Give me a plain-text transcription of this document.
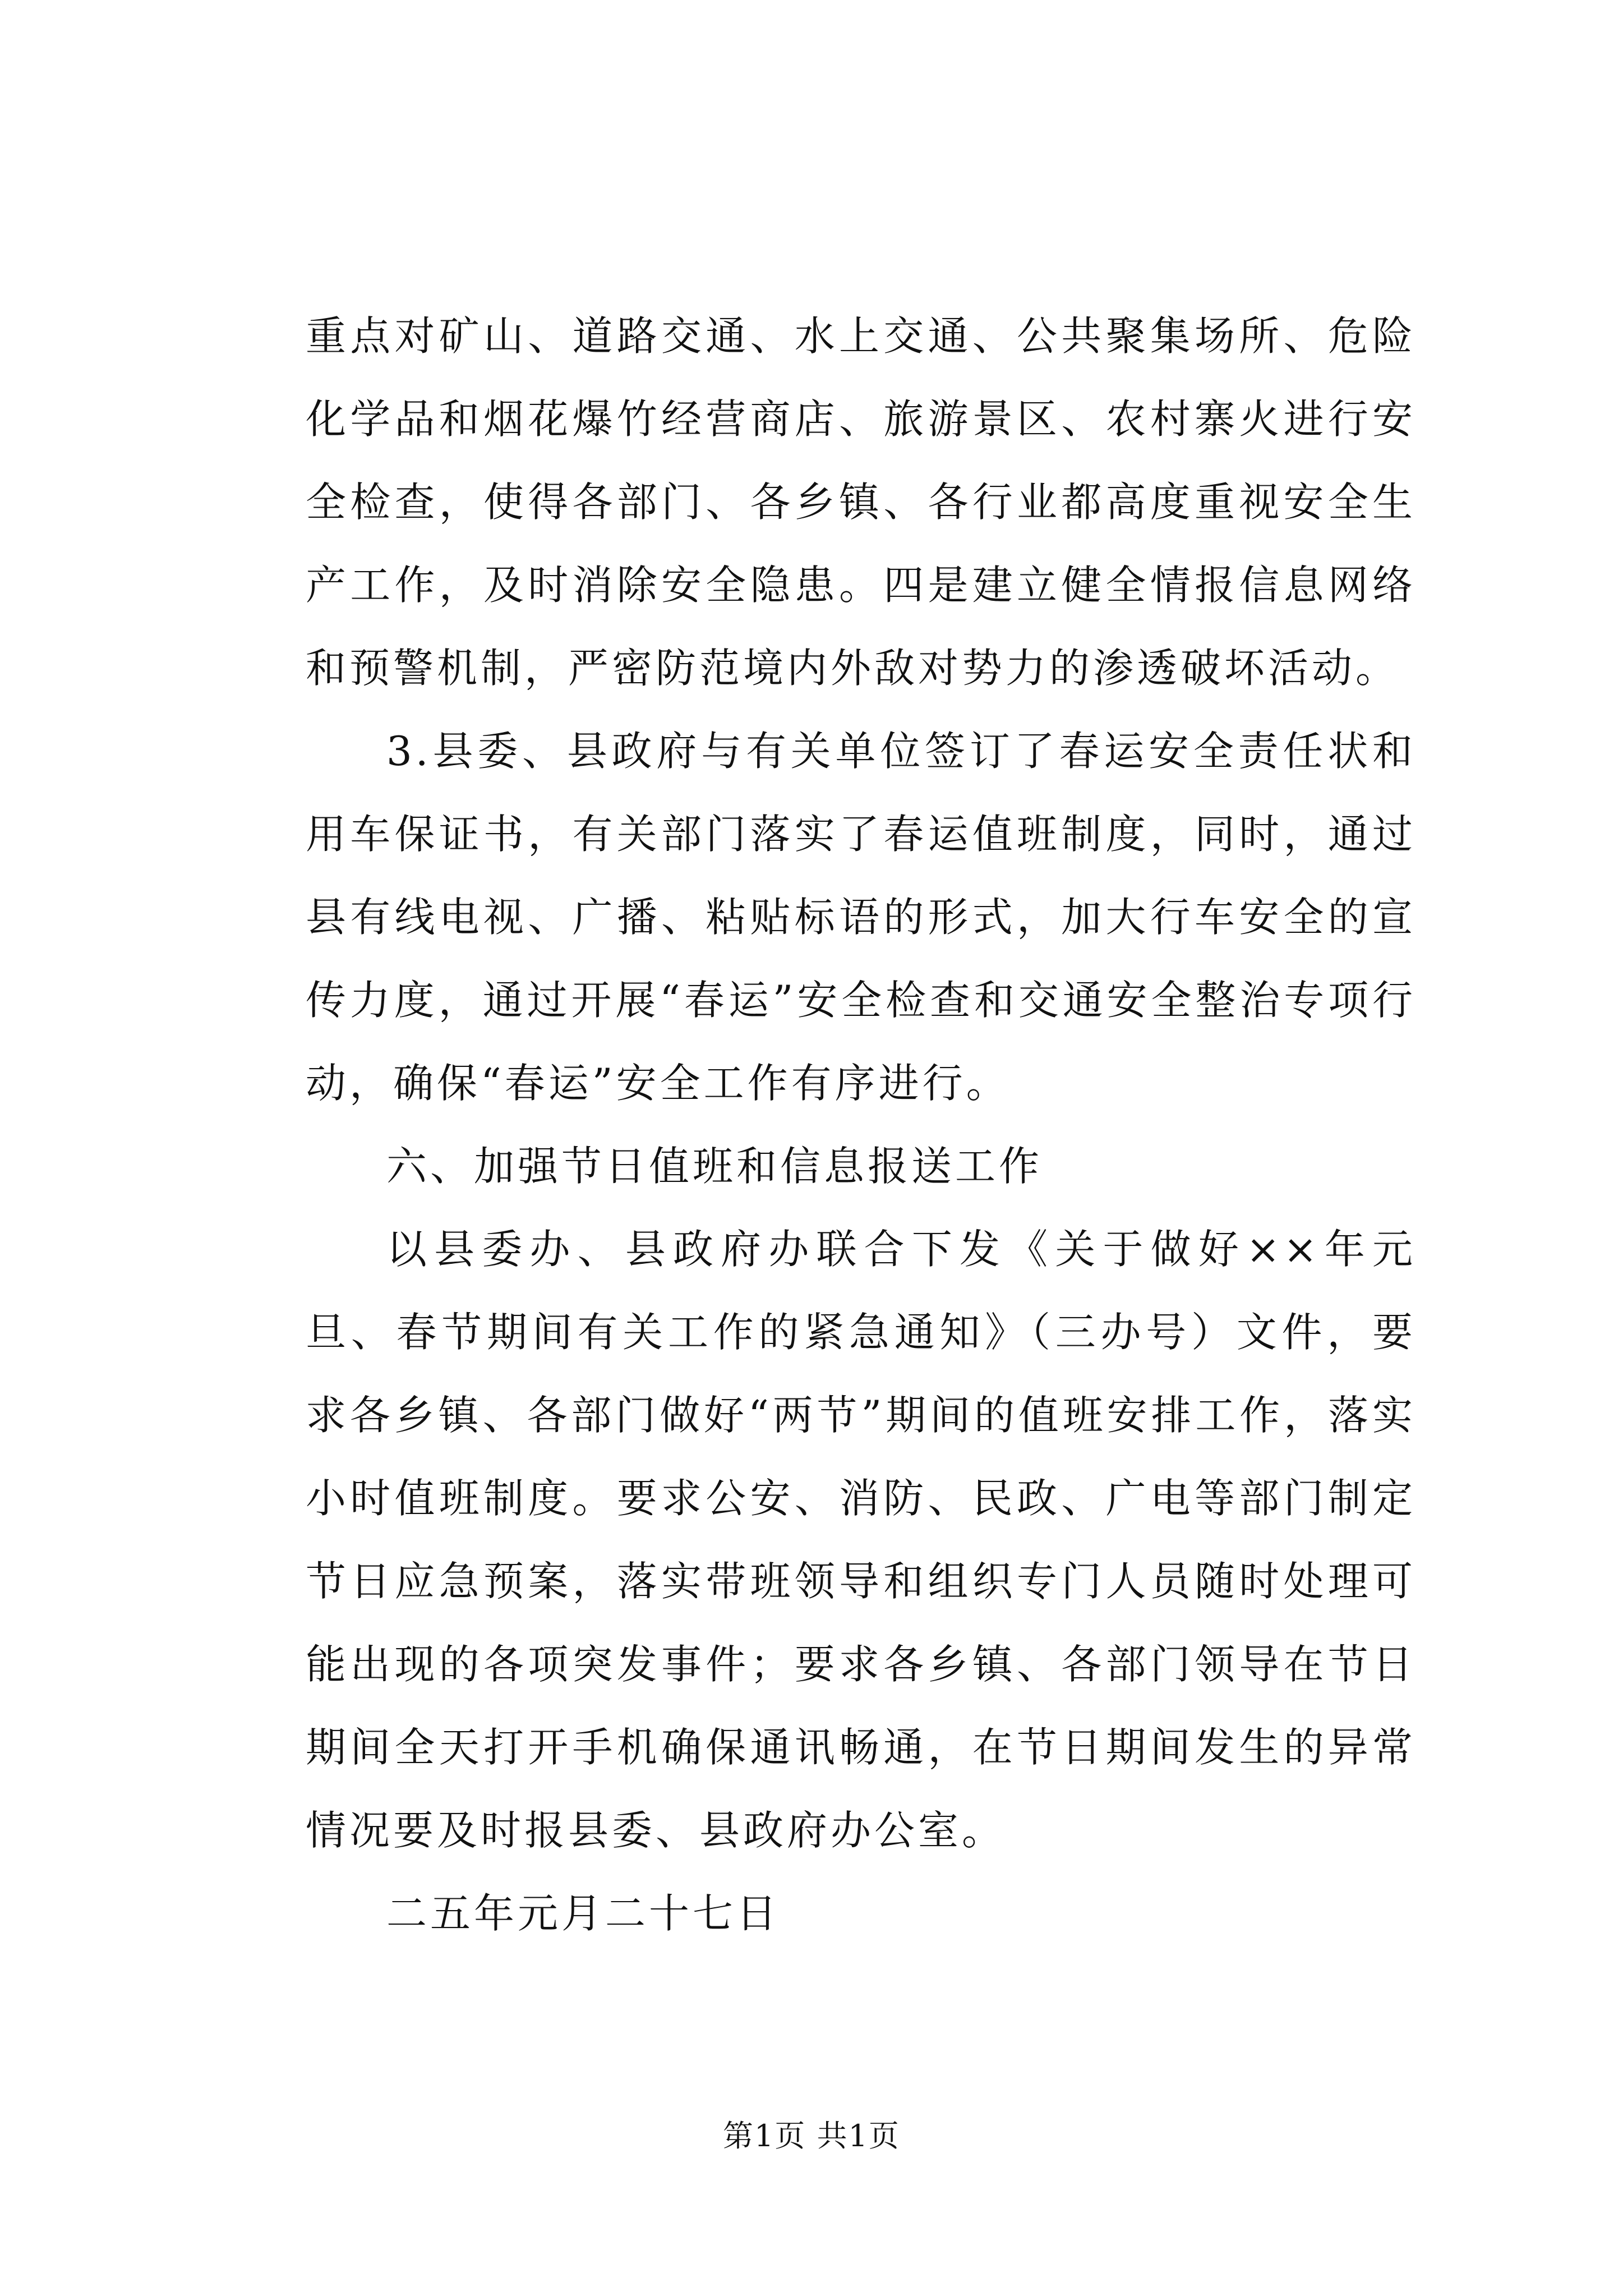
重点对矿山、道路交通、水上交通、公共聚集场所、危险化学品和烟花爆竹经营商店、旅游景区、农村寨火进行安全检查，使得各部门、各乡镇、各行业都高度重视安全生产工作，及时消除安全隐患。四是建立健全情报信息网络和预警机制，严密防范境内外敌对势力的渗透破坏活动。

3.县委、县政府与有关单位签订了春运安全责任状和用车保证书，有关部门落实了春运值班制度，同时，通过县有线电视、广播、粘贴标语的形式，加大行车安全的宣传力度，通过开展“春运”安全检查和交通安全整治专项行动，确保“春运”安全工作有序进行。

六、加强节日值班和信息报送工作

以县委办、县政府办联合下发《关于做好××年元旦、春节期间有关工作的紧急通知》（三办号）文件，要求各乡镇、各部门做好“两节”期间的值班安排工作，落实小时值班制度。要求公安、消防、民政、广电等部门制定节日应急预案，落实带班领导和组织专门人员随时处理可能出现的各项突发事件；要求各乡镇、各部门领导在节日期间全天打开手机确保通讯畅通，在节日期间发生的异常情况要及时报县委、县政府办公室。

二五年元月二十七日

第1页 共1页
